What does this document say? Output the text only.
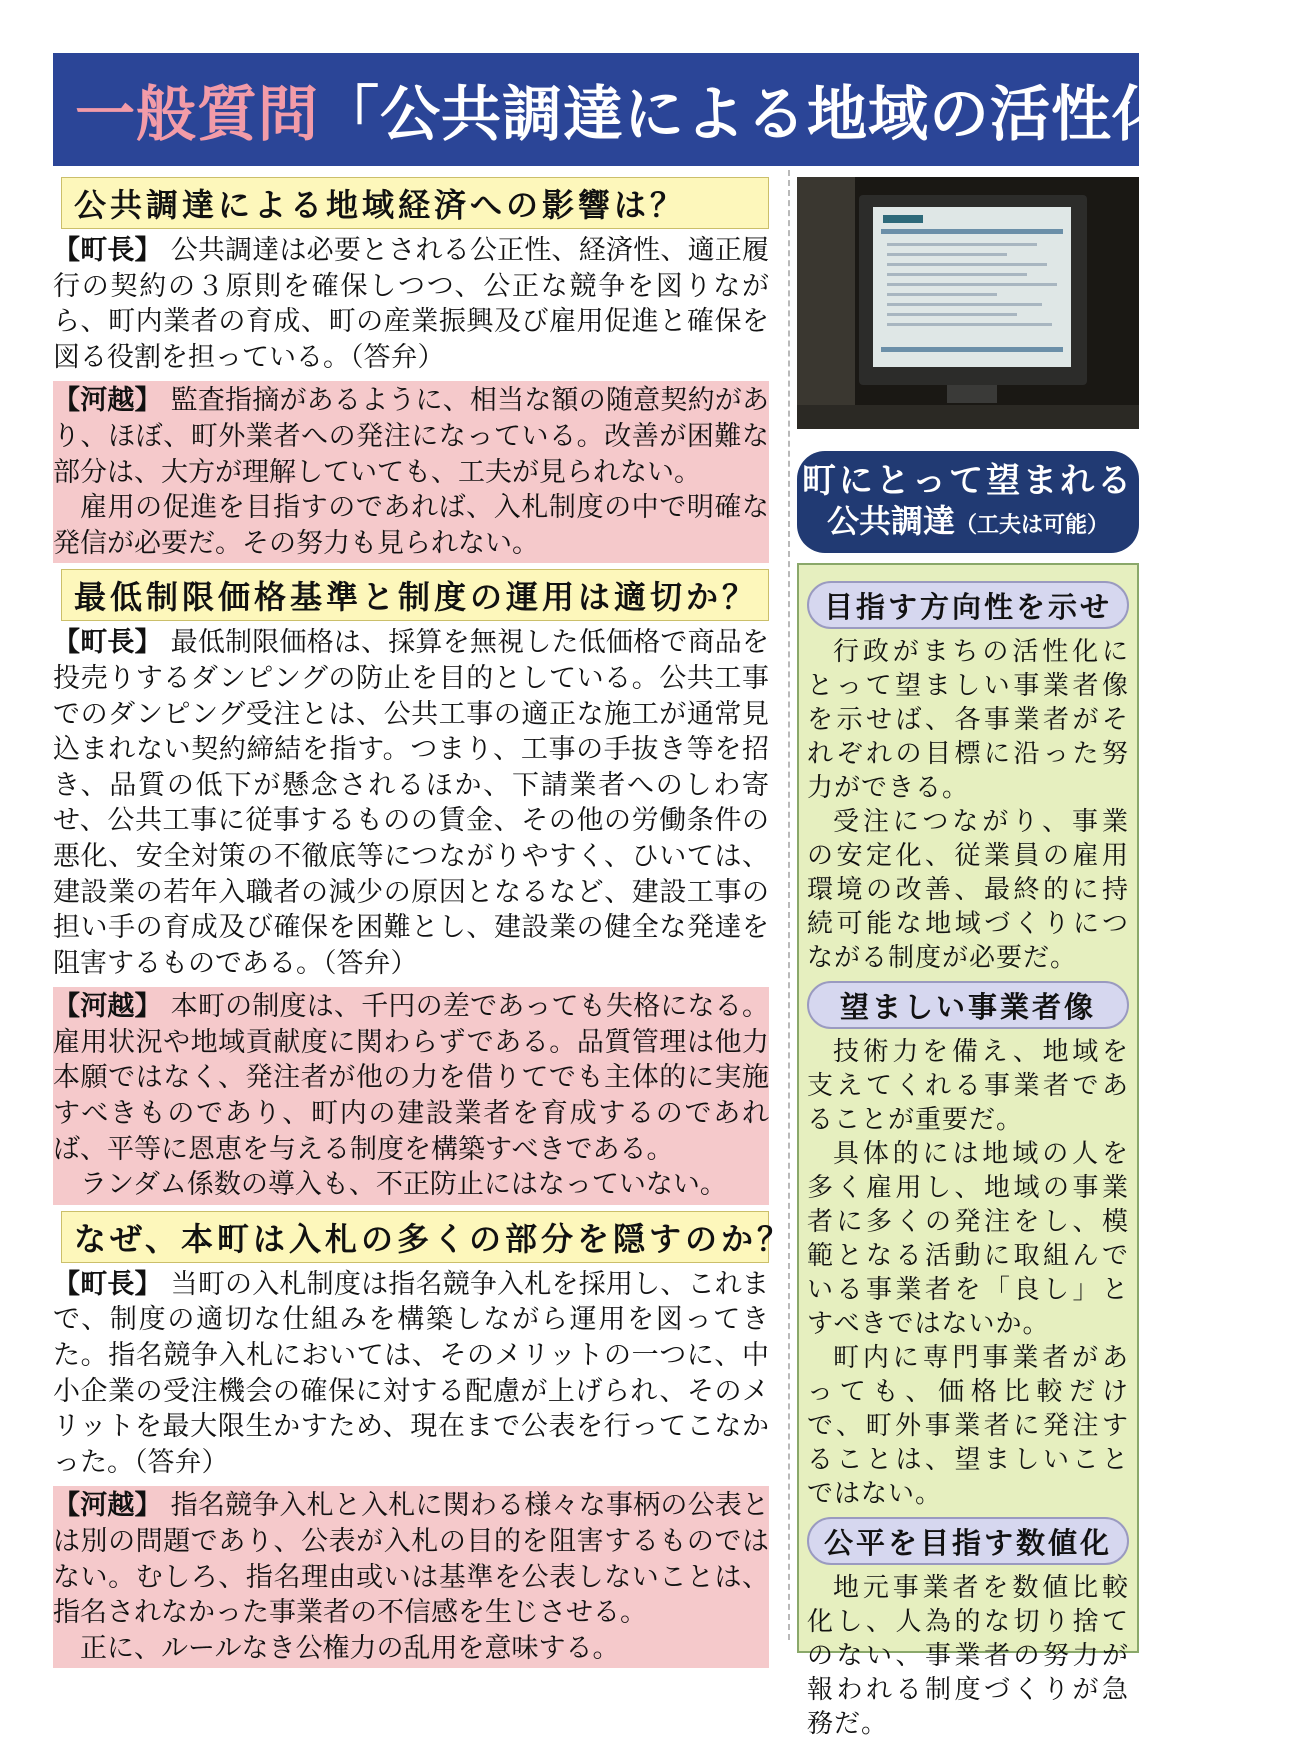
一般質問 「公共調達による地域の活性化策」
公共調達による地域経済への影響は？
【町長】 公共調達は必要とされる公正性、経済性、適正履行の契約の３原則を確保しつつ、公正な競争を図りながら、町内業者の育成、町の産業振興及び雇用促進と確保を図る役割を担っている。（答弁）
【河越】 監査指摘があるように、相当な額の随意契約があり、ほぼ、町外業者への発注になっている。改善が困難な部分は、大方が理解していても、工夫が見られない。
雇用の促進を目指すのであれば、入札制度の中で明確な発信が必要だ。その努力も見られない。
最低制限価格基準と制度の運用は適切か？
【町長】 最低制限価格は、採算を無視した低価格で商品を投売りするダンピングの防止を目的としている。公共工事でのダンピング受注とは、公共工事の適正な施工が通常見込まれない契約締結を指す。つまり、工事の手抜き等を招き、品質の低下が懸念されるほか、下請業者へのしわ寄せ、公共工事に従事するものの賃金、その他の労働条件の悪化、安全対策の不徹底等につながりやすく、ひいては、建設業の若年入職者の減少の原因となるなど、建設工事の担い手の育成及び確保を困難とし、建設業の健全な発達を阻害するものである。（答弁）
【河越】 本町の制度は、千円の差であっても失格になる。雇用状況や地域貢献度に関わらずである。品質管理は他力本願ではなく、発注者が他の力を借りてでも主体的に実施すべきものであり、町内の建設業者を育成するのであれば、平等に恩恵を与える制度を構築すべきである。
ランダム係数の導入も、不正防止にはなっていない。
なぜ、本町は入札の多くの部分を隠すのか？
【町長】 当町の入札制度は指名競争入札を採用し、これまで、制度の適切な仕組みを構築しながら運用を図ってきた。指名競争入札においては、そのメリットの一つに、中小企業の受注機会の確保に対する配慮が上げられ、そのメリットを最大限生かすため、現在まで公表を行ってこなかった。（答弁）
【河越】 指名競争入札と入札に関わる様々な事柄の公表とは別の問題であり、公表が入札の目的を阻害するものではない。むしろ、指名理由或いは基準を公表しないことは、指名されなかった事業者の不信感を生じさせる。
正に、ルールなき公権力の乱用を意味する。
町にとって望まれる
公共調達（工夫は可能）
目指す方向性を示せ
行政がまちの活性化にとって望ましい事業者像を示せば、各事業者がそれぞれの目標に沿った努力ができる。
受注につながり、事業の安定化、従業員の雇用環境の改善、最終的に持続可能な地域づくりにつながる制度が必要だ。
望ましい事業者像
技術力を備え、地域を支えてくれる事業者であることが重要だ。
具体的には地域の人を多く雇用し、地域の事業者に多くの発注をし、模範となる活動に取組んでいる事業者を「良し」とすべきではないか。
町内に専門事業者があっても、価格比較だけで、町外事業者に発注することは、望ましいことではない。
公平を目指す数値化
地元事業者を数値比較化し、人為的な切り捨てのない、事業者の努力が報われる制度づくりが急務だ。
